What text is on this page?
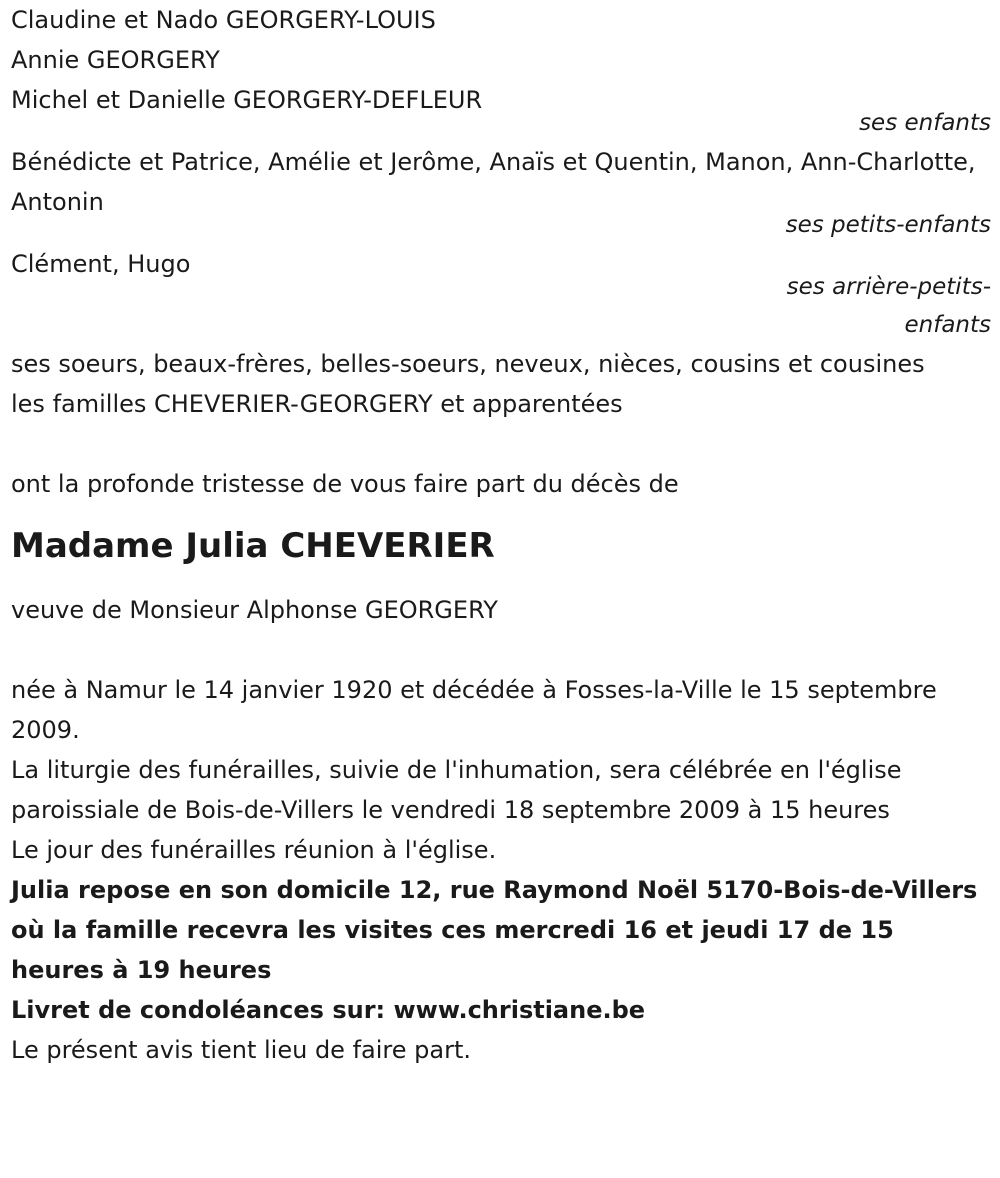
Claudine et Nado GEORGERY-LOUIS
Annie GEORGERY
Michel et Danielle GEORGERY-DEFLEUR
ses enfants
Bénédicte et Patrice, Amélie et Jerôme, Anaïs et Quentin, Manon, Ann-Charlotte, Antonin
ses petits-enfants
Clément, Hugo
ses arrière-petits-
enfants
ses soeurs, beaux-frères, belles-soeurs, neveux, nièces, cousins et cousines
les familles CHEVERIER-GEORGERY et apparentées
ont la profonde tristesse de vous faire part du décès de
Madame Julia CHEVERIER
veuve de Monsieur Alphonse GEORGERY
née à Namur le 14 janvier 1920 et décédée à Fosses-la-Ville le 15 septembre 2009.
La liturgie des funérailles, suivie de l'inhumation, sera célébrée en l'église paroissiale de Bois-de-Villers le vendredi 18 septembre 2009 à 15 heures
Le jour des funérailles réunion à l'église.
Julia repose en son domicile 12, rue Raymond Noël 5170-Bois-de-Villers où la famille recevra les visites ces mercredi 16 et jeudi 17 de 15 heures à 19 heures
Livret de condoléances sur: www.christiane.be
Le présent avis tient lieu de faire part.
